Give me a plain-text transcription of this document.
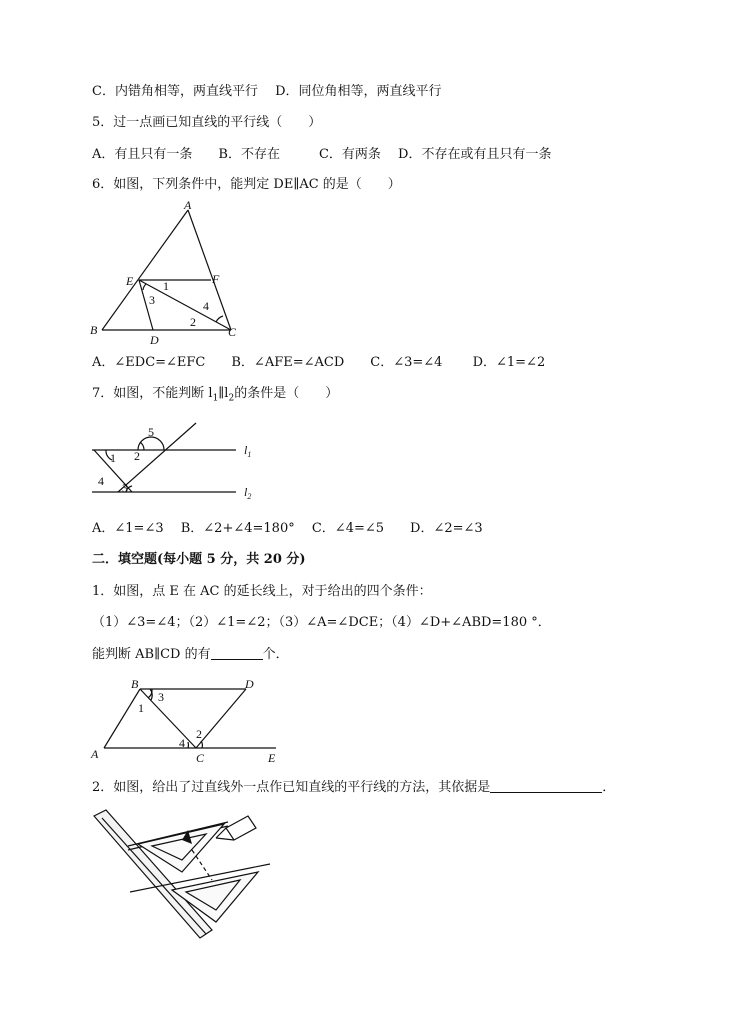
C．内错角相等，两直线平行　 D．同位角相等，两直线平行
5．过一点画已知直线的平行线（　　）
A．有且只有一条　　B．不存在　　　C．有两条　 D．不存在或有且只有一条
6．如图，下列条件中，能判定 DE∥AC 的是（　　）
A
B	C
D
E	F
1
3	4
2
A．∠EDC=∠EFC　　B．∠AFE=∠ACD　　C．∠3=∠4　　 D．∠1=∠2
7．如图，不能判断 $l_1\parallel l_2$的条件是（　　）
5
1 2
4 3
$l_1$
$l_2$
A．∠1=∠3　 B．∠2+∠4=180°　 C．∠4=∠5　　D．∠2=∠3
二．填空题(每小题 5 分，共 20 分)
1．如图，点 E 在 AC 的延长线上，对于给出的四个条件：
（1）∠3=∠4；（2）∠1=∠2；（3）∠A=∠DCE；（4）∠D+∠ABD=180 °．
能判断 AB∥CD 的有	个．
B	D
A	C	E
3
1
2
4
2．如图，给出了过直线外一点作已知直线的平行线的方法，其依据是	．
